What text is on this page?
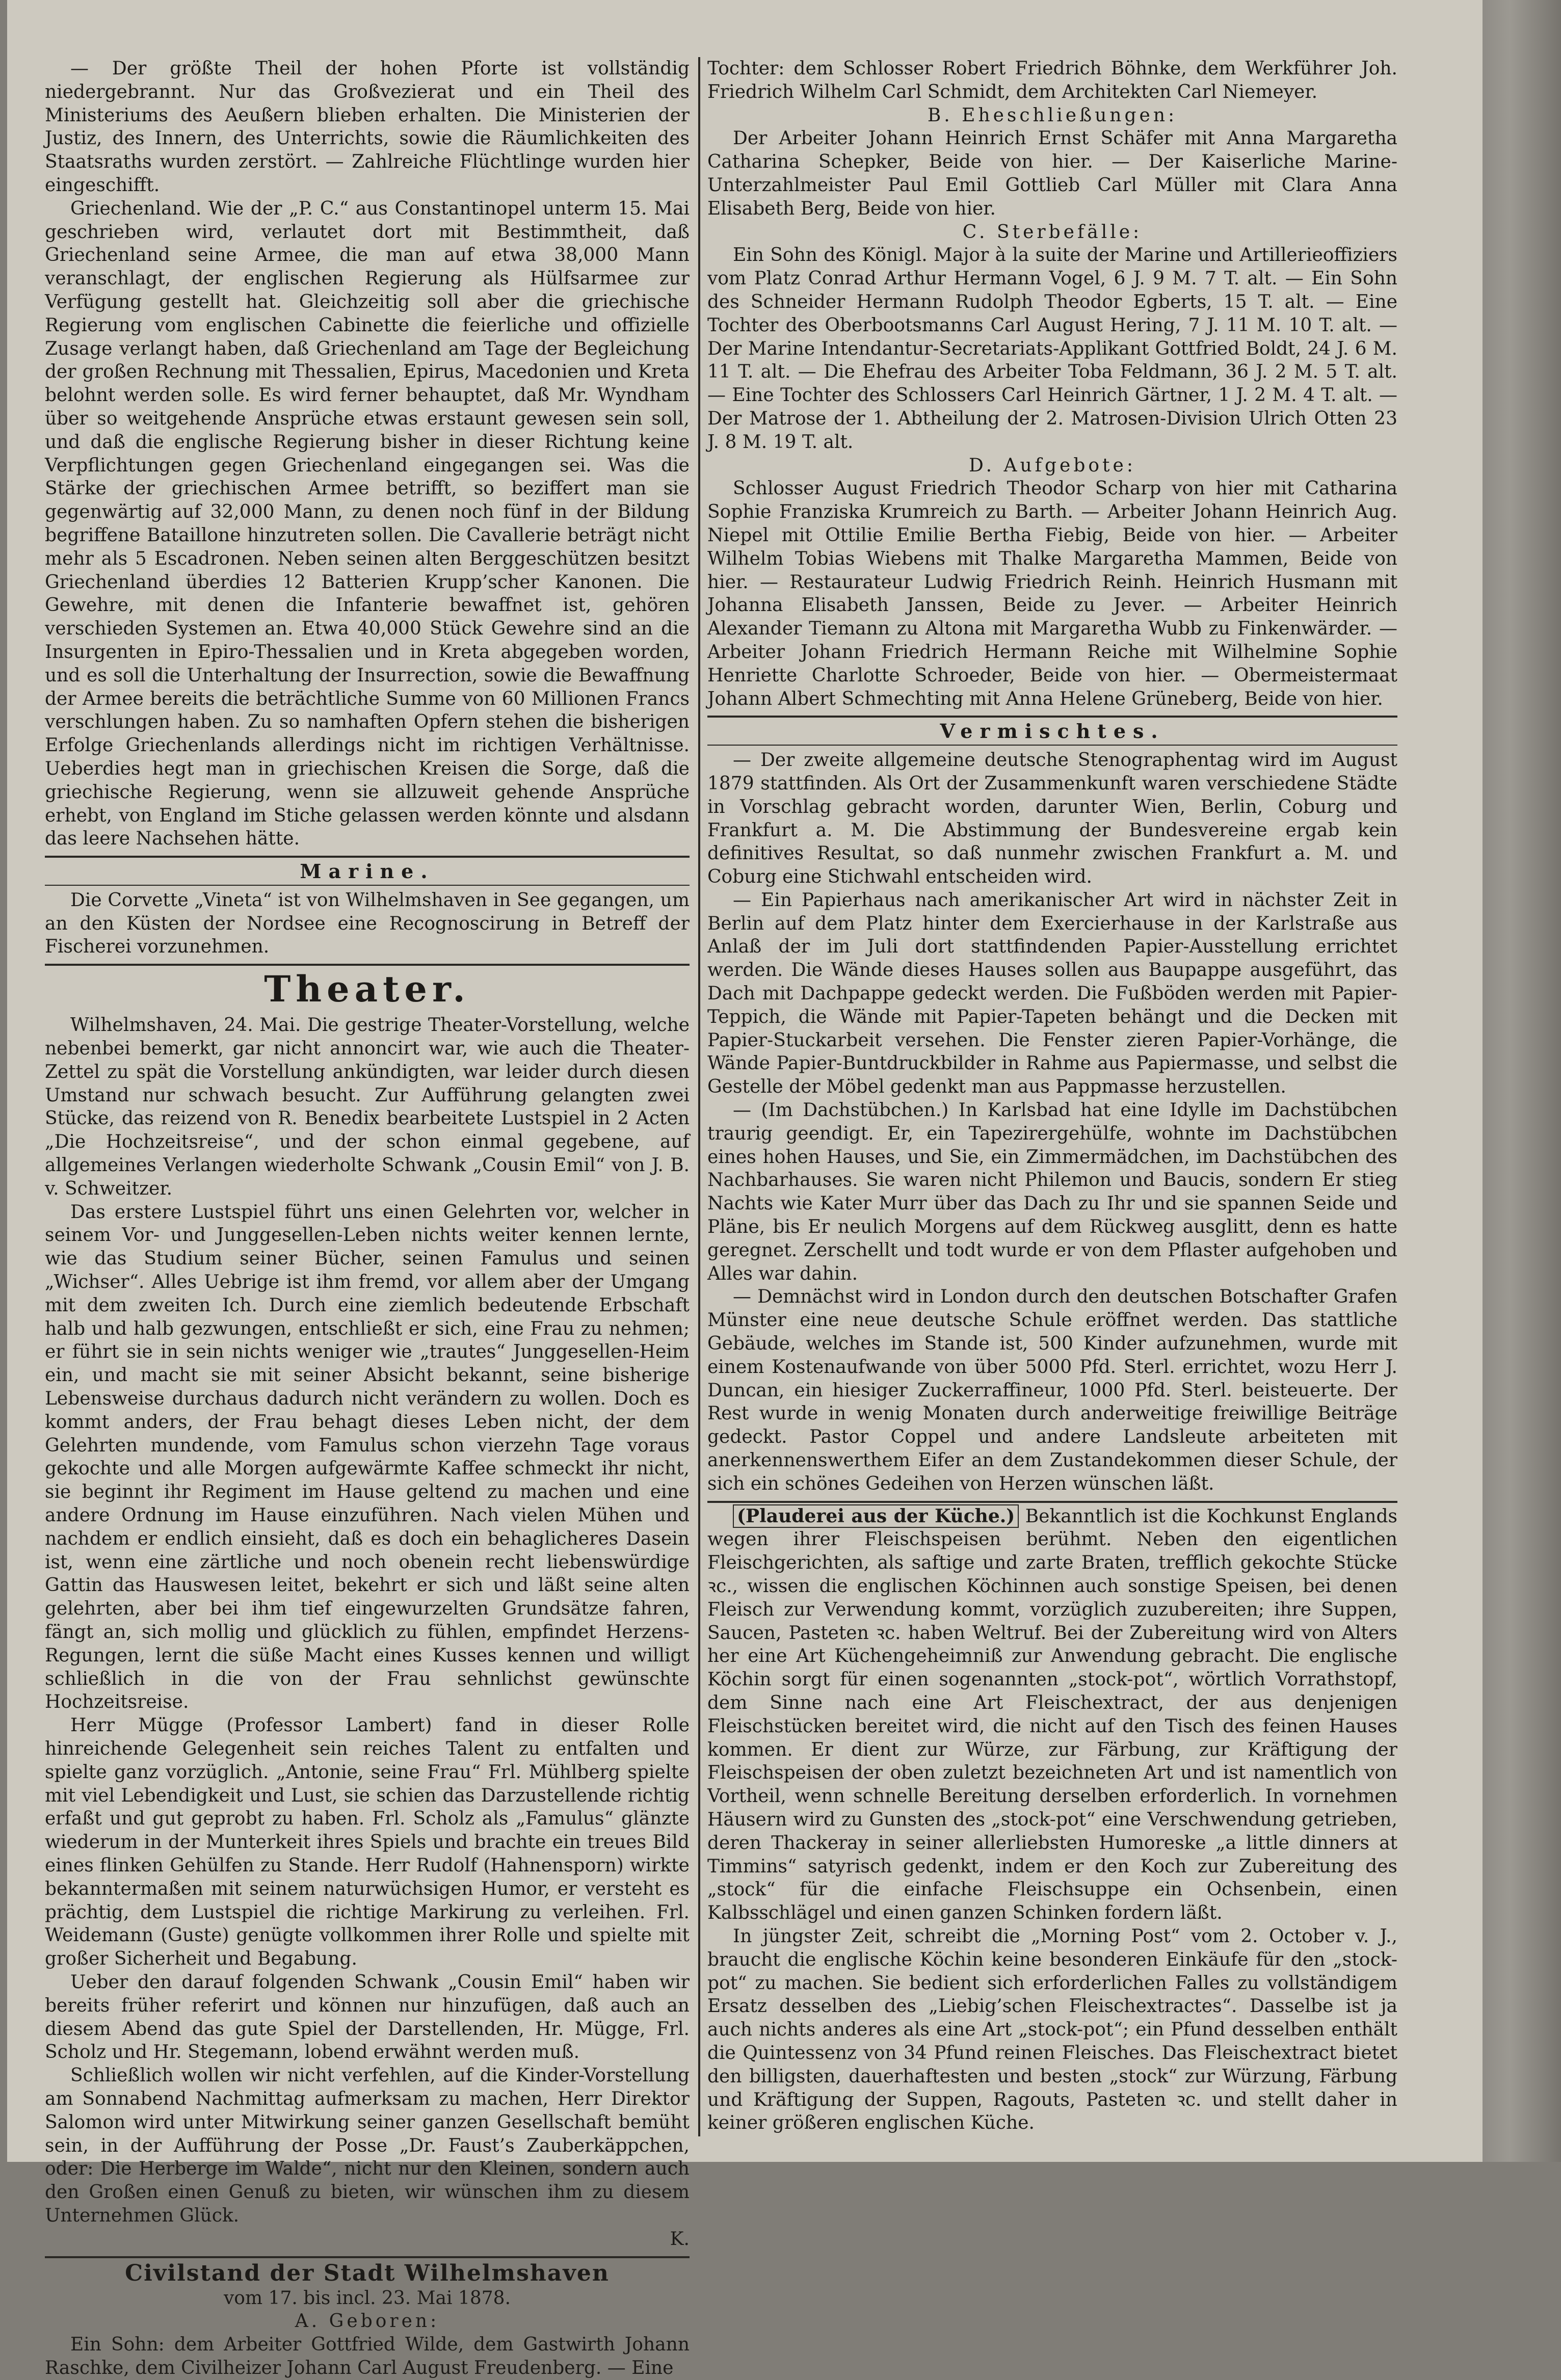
— Der größte Theil der hohen Pforte ist vollständig niedergebrannt. Nur das Großvezierat und ein Theil des Ministeriums des Aeußern blieben erhalten. Die Ministerien der Justiz, des Innern, des Unterrichts, sowie die Räumlichkeiten des Staatsraths wurden zerstört. — Zahlreiche Flüchtlinge wurden hier eingeschifft.

Griechenland. Wie der „P. C.“ aus Constantinopel unterm 15. Mai geschrieben wird, verlautet dort mit Bestimmtheit, daß Griechenland seine Armee, die man auf etwa 38,000 Mann veranschlagt, der englischen Regierung als Hülfsarmee zur Verfügung gestellt hat. Gleichzeitig soll aber die griechische Regierung vom englischen Cabinette die feierliche und offizielle Zusage verlangt haben, daß Griechenland am Tage der Begleichung der großen Rechnung mit Thessalien, Epirus, Macedonien und Kreta belohnt werden solle. Es wird ferner behauptet, daß Mr. Wyndham über so weitgehende Ansprüche etwas erstaunt gewesen sein soll, und daß die englische Regierung bisher in dieser Richtung keine Verpflichtungen gegen Griechenland eingegangen sei. Was die Stärke der griechischen Armee betrifft, so beziffert man sie gegenwärtig auf 32,000 Mann, zu denen noch fünf in der Bildung begriffene Bataillone hinzutreten sollen. Die Cavallerie beträgt nicht mehr als 5 Escadronen. Neben seinen alten Berggeschützen besitzt Griechenland überdies 12 Batterien Krupp’scher Kanonen. Die Gewehre, mit denen die Infanterie bewaffnet ist, gehören verschieden Systemen an. Etwa 40,000 Stück Gewehre sind an die Insurgenten in Epiro-Thessalien und in Kreta abgegeben worden, und es soll die Unterhaltung der Insurrection, sowie die Bewaffnung der Armee bereits die beträchtliche Summe von 60 Millionen Francs verschlungen haben. Zu so namhaften Opfern stehen die bisherigen Erfolge Griechenlands allerdings nicht im richtigen Verhältnisse. Ueberdies hegt man in griechischen Kreisen die Sorge, daß die griechische Regierung, wenn sie allzuweit gehende Ansprüche erhebt, von England im Stiche gelassen werden könnte und alsdann das leere Nachsehen hätte.

Marine.

Die Corvette „Vineta“ ist von Wilhelmshaven in See gegangen, um an den Küsten der Nordsee eine Recognoscirung in Betreff der Fischerei vorzunehmen.

Theater.

Wilhelmshaven, 24. Mai. Die gestrige Theater-Vorstellung, welche nebenbei bemerkt, gar nicht annoncirt war, wie auch die Theater-Zettel zu spät die Vorstellung ankündigten, war leider durch diesen Umstand nur schwach besucht. Zur Aufführung gelangten zwei Stücke, das reizend von R. Benedix bearbeitete Lustspiel in 2 Acten „Die Hochzeitsreise“, und der schon einmal gegebene, auf allgemeines Verlangen wiederholte Schwank „Cousin Emil“ von J. B. v. Schweitzer.

Das erstere Lustspiel führt uns einen Gelehrten vor, welcher in seinem Vor- und Junggesellen-Leben nichts weiter kennen lernte, wie das Studium seiner Bücher, seinen Famulus und seinen „Wichser“. Alles Uebrige ist ihm fremd, vor allem aber der Umgang mit dem zweiten Ich. Durch eine ziemlich bedeutende Erbschaft halb und halb gezwungen, entschließt er sich, eine Frau zu nehmen; er führt sie in sein nichts weniger wie „trautes“ Junggesellen-Heim ein, und macht sie mit seiner Absicht bekannt, seine bisherige Lebensweise durchaus dadurch nicht verändern zu wollen. Doch es kommt anders, der Frau behagt dieses Leben nicht, der dem Gelehrten mundende, vom Famulus schon vierzehn Tage voraus gekochte und alle Morgen aufgewärmte Kaffee schmeckt ihr nicht, sie beginnt ihr Regiment im Hause geltend zu machen und eine andere Ordnung im Hause einzuführen. Nach vielen Mühen und nachdem er endlich einsieht, daß es doch ein behaglicheres Dasein ist, wenn eine zärtliche und noch obenein recht liebenswürdige Gattin das Hauswesen leitet, bekehrt er sich und läßt seine alten gelehrten, aber bei ihm tief eingewurzelten Grundsätze fahren, fängt an, sich mollig und glücklich zu fühlen, empfindet Herzens-Regungen, lernt die süße Macht eines Kusses kennen und willigt schließlich in die von der Frau sehnlichst gewünschte Hochzeitsreise.

Herr Mügge (Professor Lambert) fand in dieser Rolle hinreichende Gelegenheit sein reiches Talent zu entfalten und spielte ganz vorzüglich. „Antonie, seine Frau“ Frl. Mühlberg spielte mit viel Lebendigkeit und Lust, sie schien das Darzustellende richtig erfaßt und gut geprobt zu haben. Frl. Scholz als „Famulus“ glänzte wiederum in der Munterkeit ihres Spiels und brachte ein treues Bild eines flinken Gehülfen zu Stande. Herr Rudolf (Hahnensporn) wirkte bekanntermaßen mit seinem naturwüchsigen Humor, er versteht es prächtig, dem Lustspiel die richtige Markirung zu verleihen. Frl. Weidemann (Guste) genügte vollkommen ihrer Rolle und spielte mit großer Sicherheit und Begabung.

Ueber den darauf folgenden Schwank „Cousin Emil“ haben wir bereits früher referirt und können nur hinzufügen, daß auch an diesem Abend das gute Spiel der Darstellenden, Hr. Mügge, Frl. Scholz und Hr. Stegemann, lobend erwähnt werden muß.

Schließlich wollen wir nicht verfehlen, auf die Kinder-Vorstellung am Sonnabend Nachmittag aufmerksam zu machen, Herr Direktor Salomon wird unter Mitwirkung seiner ganzen Gesellschaft bemüht sein, in der Aufführung der Posse „Dr. Faust’s Zauberkäppchen, oder: Die Herberge im Walde“, nicht nur den Kleinen, sondern auch den Großen einen Genuß zu bieten, wir wünschen ihm zu diesem Unternehmen Glück.

K.
Civilstand der Stadt Wilhelmshaven
vom 17. bis incl. 23. Mai 1878.
A. Geboren:

Ein Sohn: dem Arbeiter Gottfried Wilde, dem Gastwirth Johann Raschke, dem Civilheizer Johann Carl August Freudenberg. — Eine

Tochter: dem Schlosser Robert Friedrich Böhnke, dem Werkführer Joh. Friedrich Wilhelm Carl Schmidt, dem Architekten Carl Niemeyer.

B. Eheschließungen:

Der Arbeiter Johann Heinrich Ernst Schäfer mit Anna Margaretha Catharina Schepker, Beide von hier. — Der Kaiserliche Marine-Unterzahlmeister Paul Emil Gottlieb Carl Müller mit Clara Anna Elisabeth Berg, Beide von hier.

C. Sterbefälle:

Ein Sohn des Königl. Major à la suite der Marine und Artillerieoffiziers vom Platz Conrad Arthur Hermann Vogel, 6 J. 9 M. 7 T. alt. — Ein Sohn des Schneider Hermann Rudolph Theodor Egberts, 15 T. alt. — Eine Tochter des Oberbootsmanns Carl August Hering, 7 J. 11 M. 10 T. alt. — Der Marine Intendantur-Secretariats-Applikant Gottfried Boldt, 24 J. 6 M. 11 T. alt. — Die Ehefrau des Arbeiter Toba Feldmann, 36 J. 2 M. 5 T. alt. — Eine Tochter des Schlossers Carl Heinrich Gärtner, 1 J. 2 M. 4 T. alt. — Der Matrose der 1. Abtheilung der 2. Matrosen-Division Ulrich Otten 23 J. 8 M. 19 T. alt.

D. Aufgebote:

Schlosser August Friedrich Theodor Scharp von hier mit Catharina Sophie Franziska Krumreich zu Barth. — Arbeiter Johann Heinrich Aug. Niepel mit Ottilie Emilie Bertha Fiebig, Beide von hier. — Arbeiter Wilhelm Tobias Wiebens mit Thalke Margaretha Mammen, Beide von hier. — Restaurateur Ludwig Friedrich Reinh. Heinrich Husmann mit Johanna Elisabeth Janssen, Beide zu Jever. — Arbeiter Heinrich Alexander Tiemann zu Altona mit Margaretha Wubb zu Finkenwärder. — Arbeiter Johann Friedrich Hermann Reiche mit Wilhelmine Sophie Henriette Charlotte Schroeder, Beide von hier. — Obermeistermaat Johann Albert Schmechting mit Anna Helene Grüneberg, Beide von hier.

Vermischtes.

— Der zweite allgemeine deutsche Stenographentag wird im August 1879 stattfinden. Als Ort der Zusammenkunft waren verschiedene Städte in Vorschlag gebracht worden, darunter Wien, Berlin, Coburg und Frankfurt a. M. Die Abstimmung der Bundesvereine ergab kein definitives Resultat, so daß nunmehr zwischen Frankfurt a. M. und Coburg eine Stichwahl entscheiden wird.

— Ein Papierhaus nach amerikanischer Art wird in nächster Zeit in Berlin auf dem Platz hinter dem Exercierhause in der Karlstraße aus Anlaß der im Juli dort stattfindenden Papier-Ausstellung errichtet werden. Die Wände dieses Hauses sollen aus Baupappe ausgeführt, das Dach mit Dachpappe gedeckt werden. Die Fußböden werden mit Papier-Teppich, die Wände mit Papier-Tapeten behängt und die Decken mit Papier-Stuckarbeit versehen. Die Fenster zieren Papier-Vorhänge, die Wände Papier-Buntdruckbilder in Rahme aus Papiermasse, und selbst die Gestelle der Möbel gedenkt man aus Pappmasse herzustellen.

— (Im Dachstübchen.) In Karlsbad hat eine Idylle im Dachstübchen traurig geendigt. Er, ein Tapezirergehülfe, wohnte im Dachstübchen eines hohen Hauses, und Sie, ein Zimmermädchen, im Dachstübchen des Nachbarhauses. Sie waren nicht Philemon und Baucis, sondern Er stieg Nachts wie Kater Murr über das Dach zu Ihr und sie spannen Seide und Pläne, bis Er neulich Morgens auf dem Rückweg ausglitt, denn es hatte geregnet. Zerschellt und todt wurde er von dem Pflaster aufgehoben und Alles war dahin.

— Demnächst wird in London durch den deutschen Botschafter Grafen Münster eine neue deutsche Schule eröffnet werden. Das stattliche Gebäude, welches im Stande ist, 500 Kinder aufzunehmen, wurde mit einem Kostenaufwande von über 5000 Pfd. Sterl. errichtet, wozu Herr J. Duncan, ein hiesiger Zuckerraffineur, 1000 Pfd. Sterl. beisteuerte. Der Rest wurde in wenig Monaten durch anderweitige freiwillige Beiträge gedeckt. Pastor Coppel und andere Landsleute arbeiteten mit anerkennenswerthem Eifer an dem Zustandekommen dieser Schule, der sich ein schönes Gedeihen von Herzen wünschen läßt.

(Plauderei aus der Küche.) Bekanntlich ist die Kochkunst Englands wegen ihrer Fleischspeisen berühmt. Neben den eigentlichen Fleischgerichten, als saftige und zarte Braten, trefflich gekochte Stücke ꝛc., wissen die englischen Köchinnen auch sonstige Speisen, bei denen Fleisch zur Verwendung kommt, vorzüglich zuzubereiten; ihre Suppen, Saucen, Pasteten ꝛc. haben Weltruf. Bei der Zubereitung wird von Alters her eine Art Küchengeheimniß zur Anwendung gebracht. Die englische Köchin sorgt für einen sogenannten „stock-pot“, wörtlich Vorrathstopf, dem Sinne nach eine Art Fleischextract, der aus denjenigen Fleischstücken bereitet wird, die nicht auf den Tisch des feinen Hauses kommen. Er dient zur Würze, zur Färbung, zur Kräftigung der Fleischspeisen der oben zuletzt bezeichneten Art und ist namentlich von Vortheil, wenn schnelle Bereitung derselben erforderlich. In vornehmen Häusern wird zu Gunsten des „stock-pot“ eine Verschwendung getrieben, deren Thackeray in seiner allerliebsten Humoreske „a little dinners at Timmins“ satyrisch gedenkt, indem er den Koch zur Zubereitung des „stock“ für die einfache Fleischsuppe ein Ochsenbein, einen Kalbsschlägel und einen ganzen Schinken fordern läßt.

In jüngster Zeit, schreibt die „Morning Post“ vom 2. October v. J., braucht die englische Köchin keine besonderen Einkäufe für den „stock-pot“ zu machen. Sie bedient sich erforderlichen Falles zu vollständigem Ersatz desselben des „Liebig’schen Fleischextractes“. Dasselbe ist ja auch nichts anderes als eine Art „stock-pot“; ein Pfund desselben enthält die Quintessenz von 34 Pfund reinen Fleisches. Das Fleischextract bietet den billigsten, dauerhaftesten und besten „stock“ zur Würzung, Färbung und Kräftigung der Suppen, Ragouts, Pasteten ꝛc. und stellt daher in keiner größeren englischen Küche.
